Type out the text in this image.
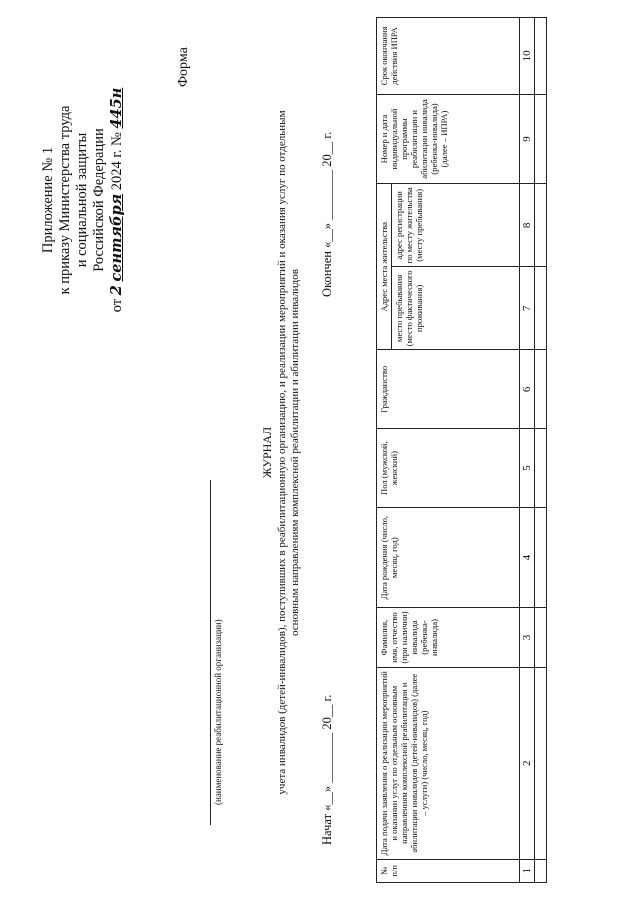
Приложение № 1 к приказу Министерства труда и социальной защиты Российской Федерации
от 2 сентября 2024 г. № 445н
Форма
(наименование реабилитационной организации)
ЖУРНАЛ учета инвалидов (детей-инвалидов), поступивших в реабилитационную организацию, и реализации мероприятий и оказания услуг по отдельным основным направлениям комплексной реабилитации и абилитации инвалидов
Начат «__» ________ 20__ г.
Окончен «__» ________ 20__ г.
№ п/п	Дата подачи заявления о реализации мероприятий и оказании услуг по отдельным основным направлениям комплексной реабилитации и абилитации инвалидов (детей-инвалидов) (далее – услуги) (число, месяц, год)	Фамилия, имя, отчество (при наличии) инвалида (ребенка-инвалида)	Дата рождения (число, месяц, год)	Пол (мужской, женский)	Гражданство	Адрес места жительства		Номер и дата индивидуальной программы реабилитации и абилитации инвалида (ребенка-инвалида) (далее – ИПРА)	Срок окончания действия ИПРА
						место пребывания (место фактического проживания)	адрес регистрации по месту жительства (месту пребывания)		
1	2	3	4	5	6	7	8	9	10
